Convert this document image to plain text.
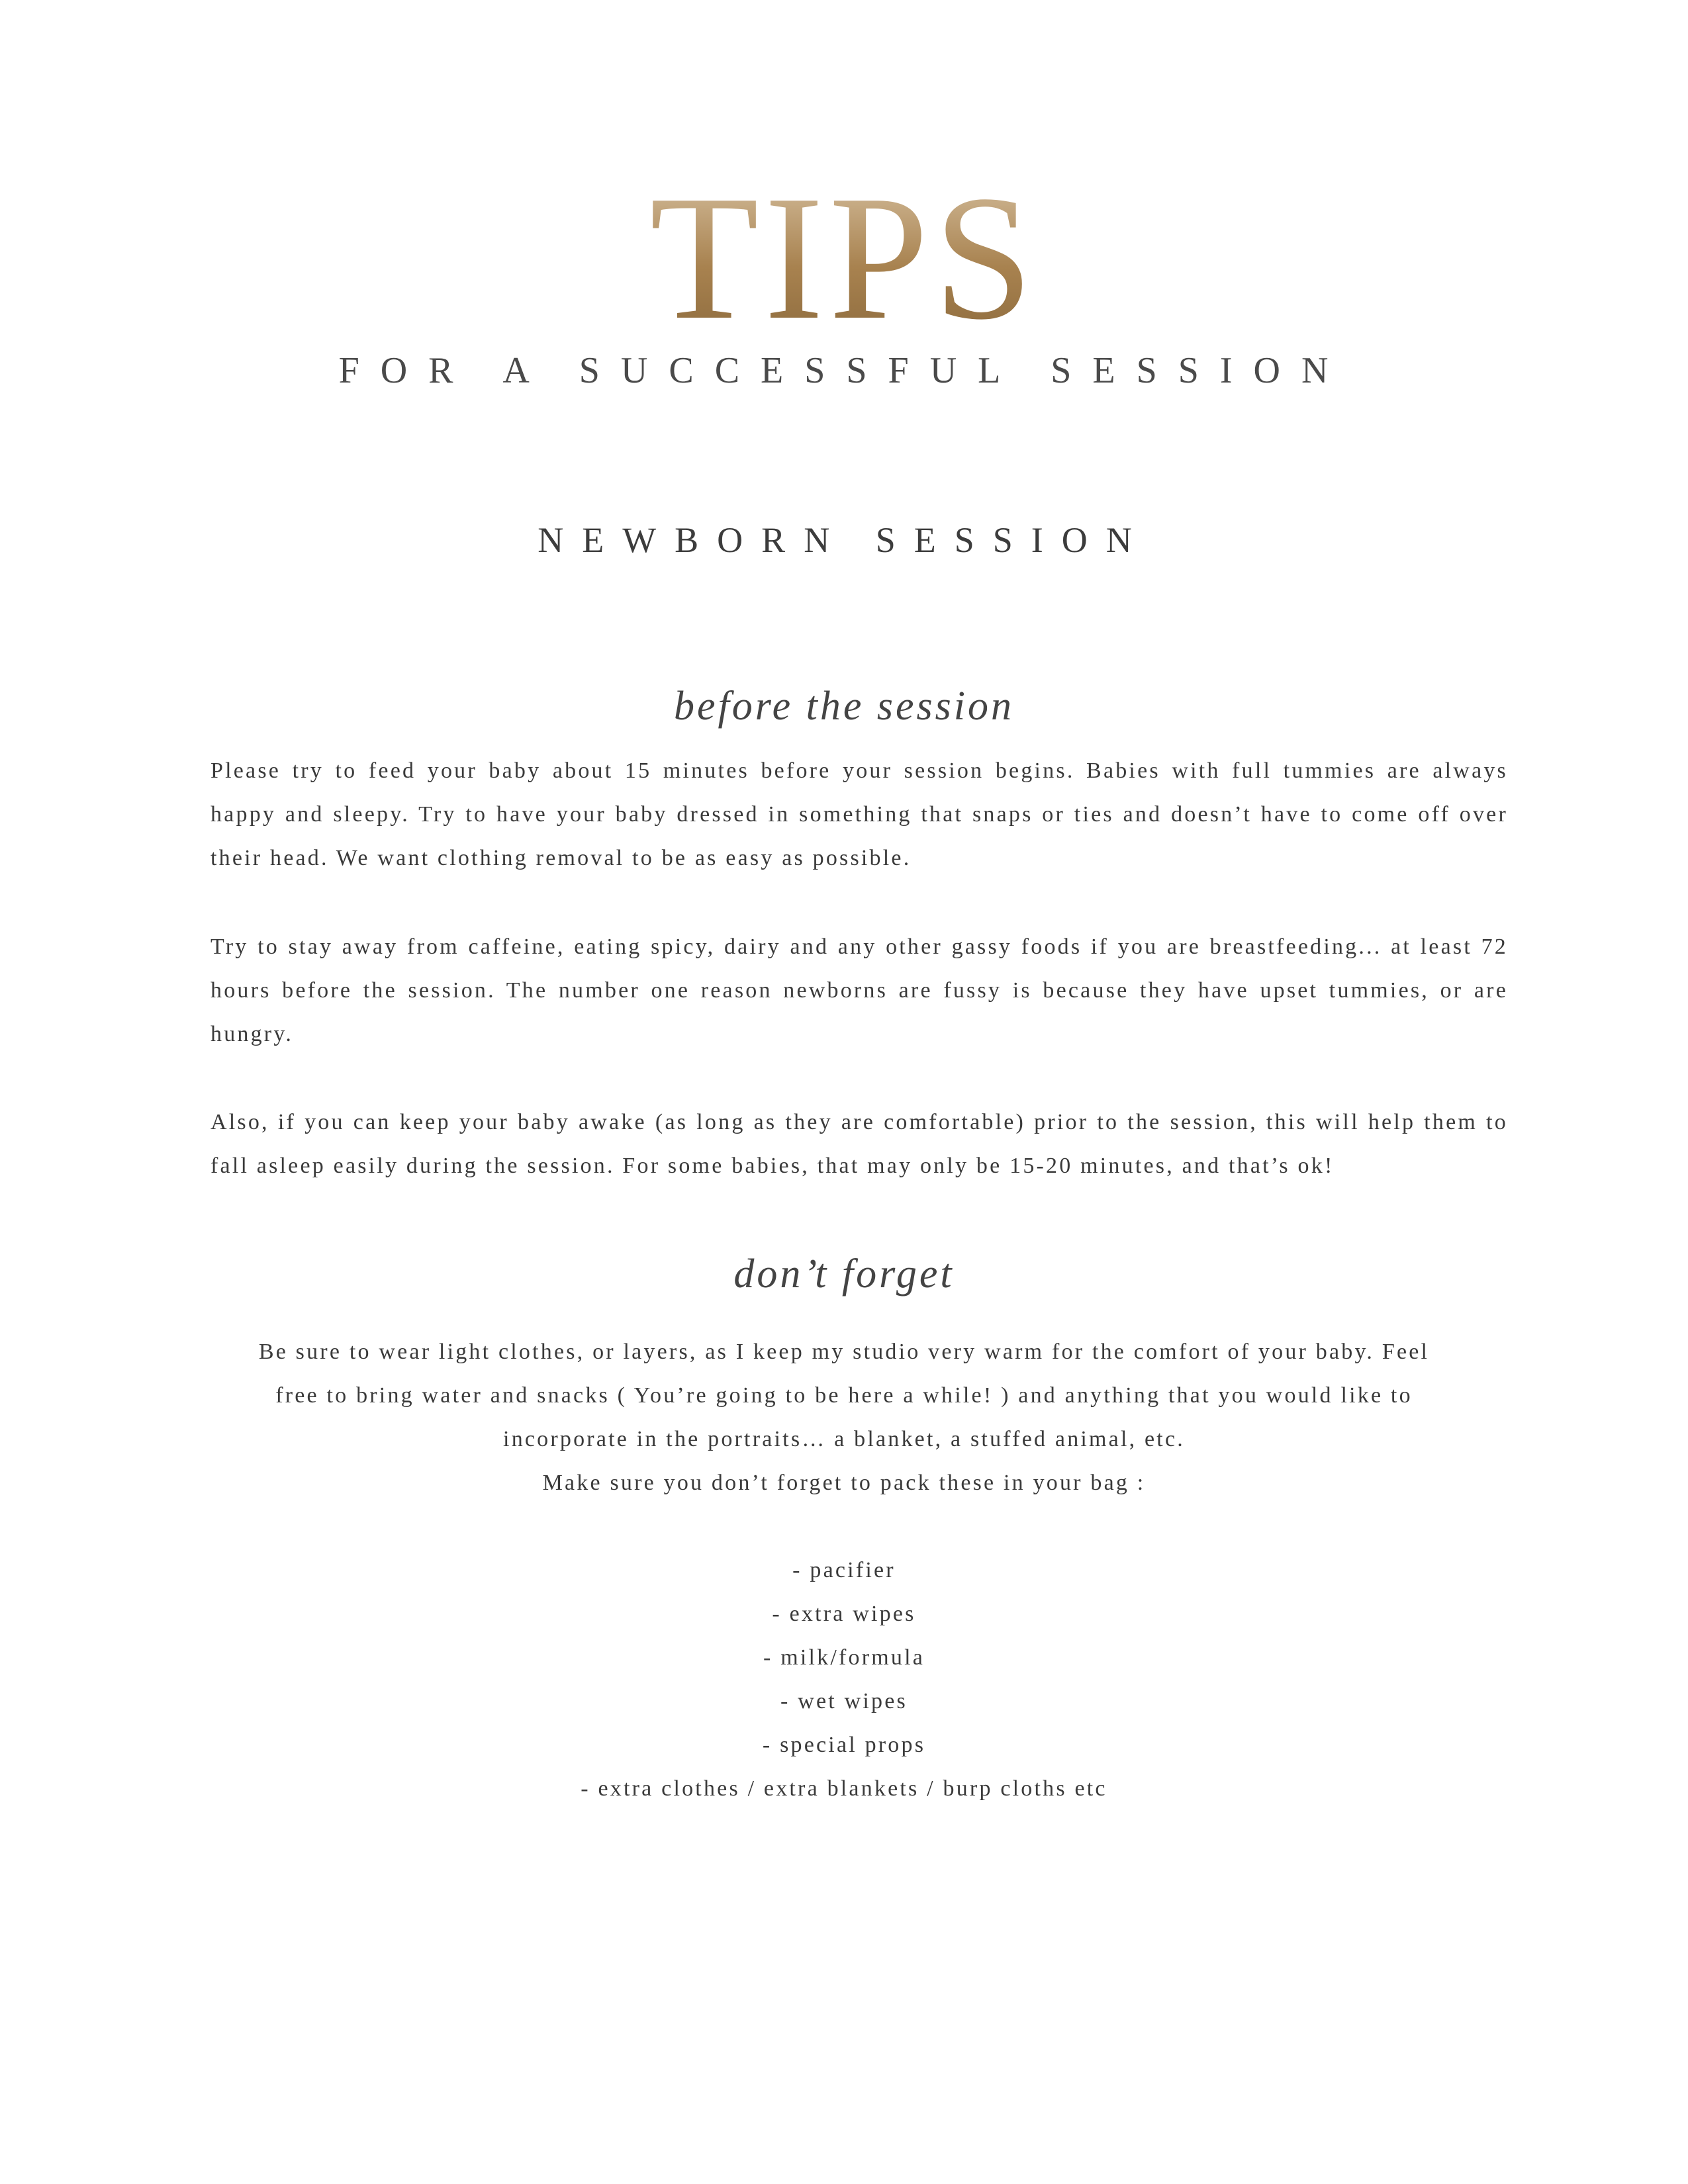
TIPS
FOR A SUCCESSFUL SESSION
NEWBORN SESSION
before the session
Please try to feed your baby about 15 minutes before your session begins. Babies with full tummies are always happy and sleepy. Try to have your baby dressed in something that snaps or ties and doesn’t have to come off over their head. We want clothing removal to be as easy as possible.
Try to stay away from caffeine, eating spicy, dairy and any other gassy foods if you are breastfeeding... at least 72 hours before the session. The number one reason newborns are fussy is because they have upset tummies, or are hungry.
Also, if you can keep your baby awake (as long as they are comfortable) prior to the session, this will help them to fall asleep easily during the session. For some babies, that may only be 15-20 minutes, and that’s ok!
don’t forget
Be sure to wear light clothes, or layers, as I keep my studio very warm for the comfort of your baby. Feel
free to bring water and snacks ( You’re going to be here a while! ) and anything that you would like to
incorporate in the portraits… a blanket, a stuffed animal, etc.
Make sure you don’t forget to pack these in your bag :
- pacifier
- extra wipes
- milk/formula
- wet wipes
- special props
- extra clothes / extra blankets / burp cloths etc
